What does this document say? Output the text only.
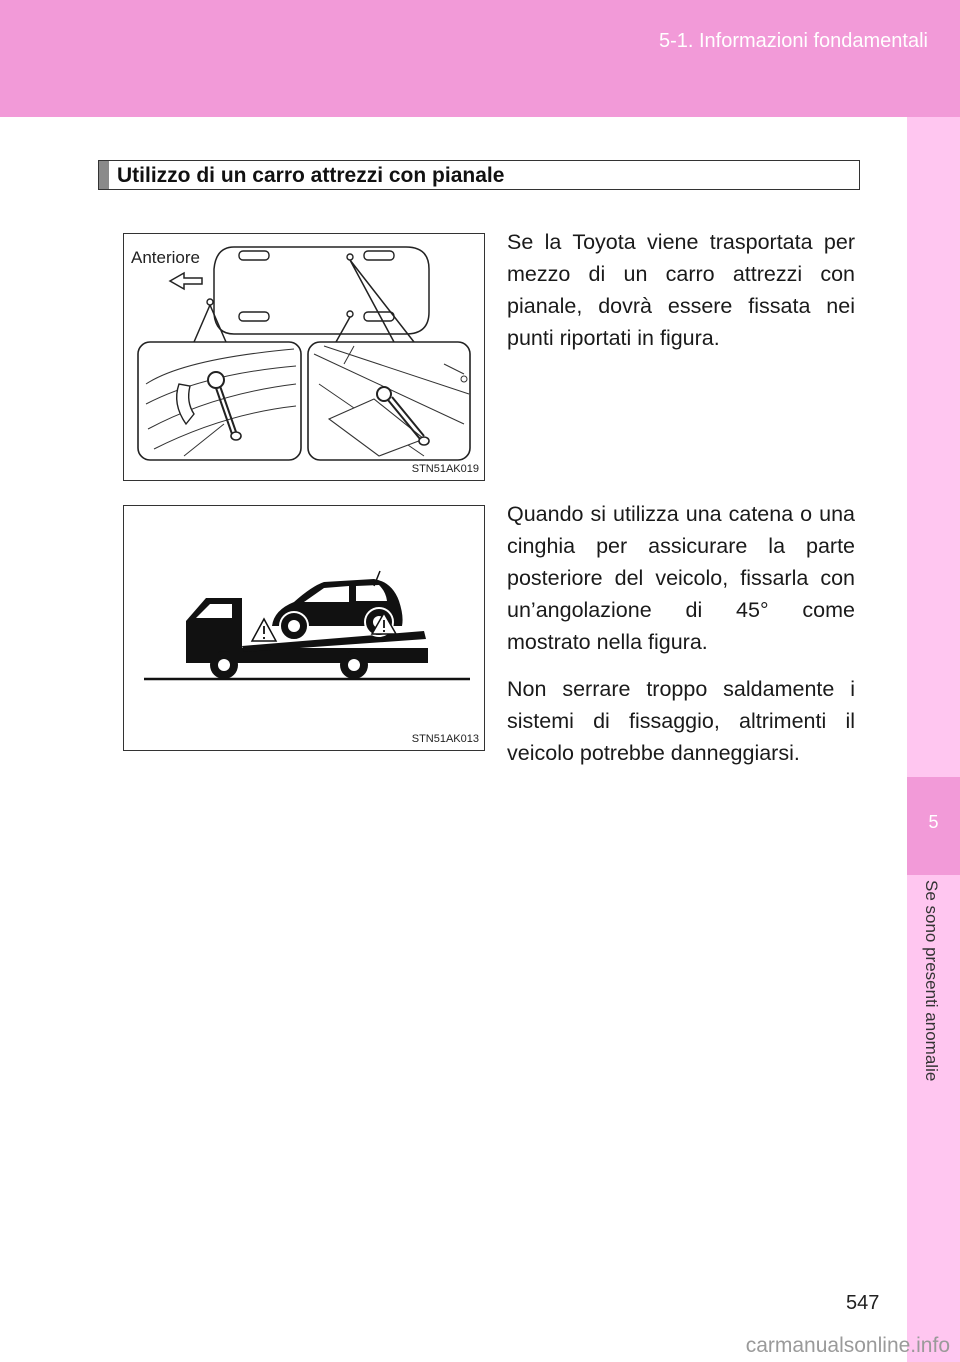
5-1. Informazioni fondamentali
5
Se sono presenti anomalie
Utilizzo di un carro attrezzi con pianale
Anteriore
STN51AK019
STN51AK013

Se la Toyota viene trasportata per mezzo di un carro attrezzi con pianale, dovrà essere fissata nei punti riportati in figura.

Quando si utilizza una catena o una cinghia per assicurare la parte posteriore del veicolo, fissarla con un’angolazione di 45° come mostrato nella figura.

Non serrare troppo saldamente i sistemi di fissaggio, altrimenti il veicolo potrebbe danneggiarsi.

547
carmanualsonline.info
